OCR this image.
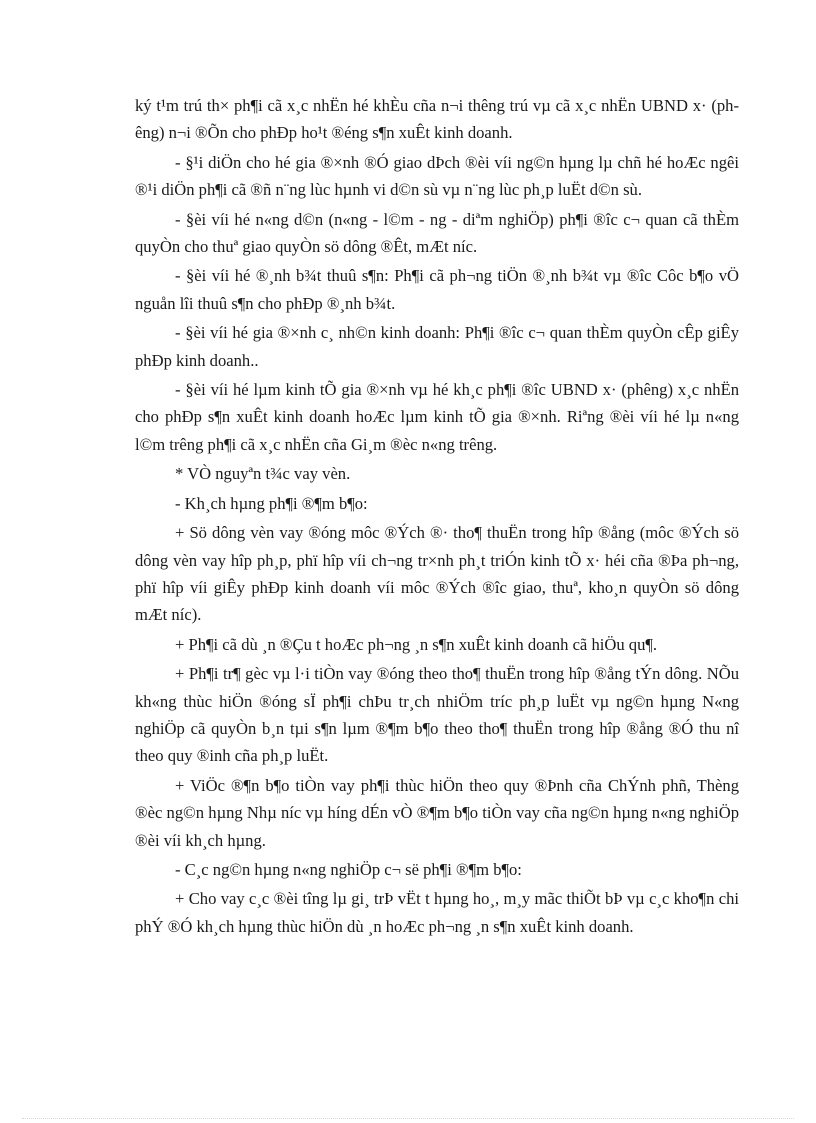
ký t¹m trú th× ph¶i cã x¸c nhËn hé khÈu cña n¬i thêng trú vµ cã x¸c nhËn UBND x· (phêng) n¬i ®Õn cho phÐp ho¹t ®éng s¶n xuÊt kinh doanh.

- §¹i diÖn cho hé gia ®×nh ®Ó giao dÞch ®èi víi ng©n hµng lµ chñ hé hoÆc ngêi ®¹i diÖn ph¶i cã ®ñ n¨ng lùc hµnh vi d©n sù vµ n¨ng lùc ph¸p luËt d©n sù.

- §èi víi hé n«ng d©n (n«ng - l©m - ng - diªm nghiÖp) ph¶i ®îc c¬ quan cã thÈm quyÒn cho thuª giao quyÒn sö dông ®Êt, mÆt níc.

- §èi víi hé ®¸nh b¾t thuû s¶n: Ph¶i cã ph¬ng tiÖn ®¸nh b¾t vµ ®îc Côc b¶o vÖ nguån lîi thuû s¶n cho phÐp ®¸nh b¾t.

- §èi víi hé gia ®×nh c¸ nh©n kinh doanh: Ph¶i ®îc c¬ quan thÈm quyÒn cÊp giÊy phÐp kinh doanh..

- §èi víi hé lµm kinh tÕ gia ®×nh vµ hé kh¸c ph¶i ®îc UBND x· (phêng) x¸c nhËn cho phÐp s¶n xuÊt kinh doanh hoÆc lµm kinh tÕ gia ®×nh. Riªng ®èi víi hé lµ n«ng l©m trêng ph¶i cã x¸c nhËn cña Gi¸m ®èc n«ng trêng.

* VÒ nguyªn t¾c vay vèn.

- Kh¸ch hµng ph¶i ®¶m b¶o:

+ Sö dông vèn vay ®óng môc ®Ých ®· tho¶ thuËn trong hîp ®ång (môc ®Ých sö dông vèn vay hîp ph¸p, phï hîp víi ch¬ng tr×nh ph¸t triÓn kinh tÕ x· héi cña ®Þa ph¬ng, phï hîp víi giÊy phÐp kinh doanh víi môc ®Ých ®îc giao, thuª, kho¸n quyÒn sö dông mÆt níc).

+ Ph¶i cã dù ¸n ®Çu t hoÆc ph¬ng ¸n s¶n xuÊt kinh doanh cã hiÖu qu¶.

+ Ph¶i tr¶ gèc vµ l·i tiÒn vay ®óng theo tho¶ thuËn trong hîp ®ång tÝn dông. NÕu kh«ng thùc hiÖn ®óng sÏ ph¶i chÞu tr¸ch nhiÖm tríc ph¸p luËt vµ ng©n hµng N«ng nghiÖp cã quyÒn b¸n tµi s¶n lµm ®¶m b¶o theo tho¶ thuËn trong hîp ®ång ®Ó thu nî theo quy ®inh cña ph¸p luËt.

+ ViÖc ®¶n b¶o tiÒn vay ph¶i thùc hiÖn theo quy ®Þnh cña ChÝnh phñ, Thèng ®èc ng©n hµng Nhµ níc vµ híng dÉn vÒ ®¶m b¶o tiÒn vay cña ng©n hµng n«ng nghiÖp ®èi víi kh¸ch hµng.

- C¸c ng©n hµng n«ng nghiÖp c¬ së ph¶i ®¶m b¶o:

+ Cho vay c¸c ®èi tîng lµ gi¸ trÞ vËt t hµng ho¸, m¸y mãc thiÕt bÞ vµ c¸c kho¶n chi phÝ ®Ó kh¸ch hµng thùc hiÖn dù ¸n hoÆc ph¬ng ¸n s¶n xuÊt kinh doanh.
